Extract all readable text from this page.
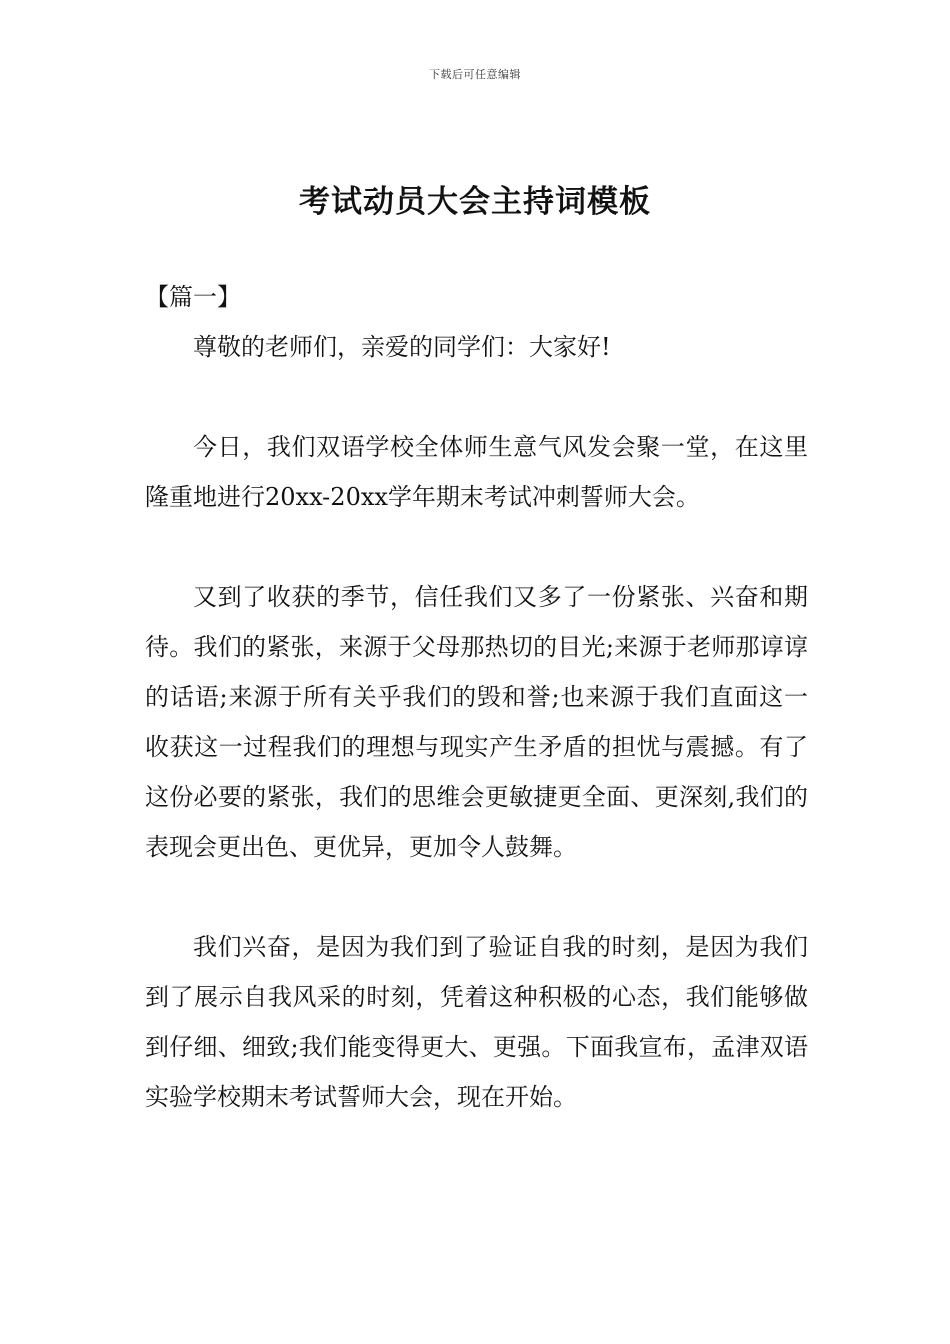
下载后可任意编辑
考试动员大会主持词模板

【篇一】

尊敬的老师们，亲爱的同学们：大家好!

今日，我们双语学校全体师生意气风发会聚一堂，在这里隆重地进行20xx-20xx学年期末考试冲刺誓师大会。

又到了收获的季节，信任我们又多了一份紧张、兴奋和期待。我们的紧张，来源于父母那热切的目光;来源于老师那谆谆的话语;来源于所有关乎我们的毁和誉;也来源于我们直面这一收获这一过程我们的理想与现实产生矛盾的担忧与震撼。有了这份必要的紧张，我们的思维会更敏捷更全面、更深刻,我们的表现会更出色、更优异，更加令人鼓舞。

我们兴奋，是因为我们到了验证自我的时刻，是因为我们到了展示自我风采的时刻，凭着这种积极的心态，我们能够做到仔细、细致;我们能变得更大、更强。下面我宣布，孟津双语实验学校期末考试誓师大会，现在开始。
